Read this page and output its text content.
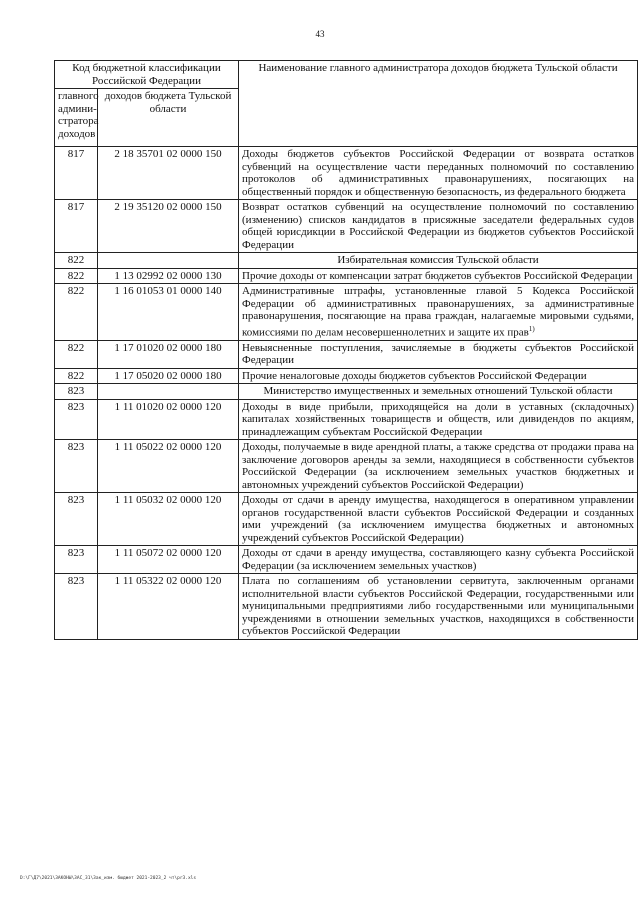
43
Код бюджетной классификации Российской Федерации		Наименование главного администратора доходов бюджета Тульской области
главного админи-стратора доходов	доходов бюджета Тульской области	
817	2 18 35701 02 0000 150	Доходы бюджетов субъектов Российской Федерации от возврата остатков субвенций на осуществление части переданных полномочий по составлению протоколов об административных правонарушениях, посягающих на общественный порядок и общественную безопасность, из федерального бюджета
817	2 19 35120 02 0000 150	Возврат остатков субвенций на осуществление полномочий по составлению (изменению) списков кандидатов в присяжные заседатели федеральных судов общей юрисдикции в Российской Федерации из бюджетов субъектов Российской Федерации
822		Избирательная комиссия Тульской области
822	1 13 02992 02 0000 130	Прочие доходы от компенсации затрат бюджетов субъектов Российской Федерации
822	1 16 01053 01 0000 140	Административные штрафы, установленные главой 5 Кодекса Российской Федерации об административных правонарушениях, за административные правонарушения, посягающие на права граждан, налагаемые мировыми судьями, комиссиями по делам несовершеннолетних и защите их прав$^{1)}$
822	1 17 01020 02 0000 180	Невыясненные поступления, зачисляемые в бюджеты субъектов Российской Федерации
822	1 17 05020 02 0000 180	Прочие неналоговые доходы бюджетов субъектов Российской Федерации
823		Министерство имущественных и земельных отношений Тульской области
823	1 11 01020 02 0000 120	Доходы в виде прибыли, приходящейся на доли в уставных (складочных) капиталах хозяйственных товариществ и обществ, или дивидендов по акциям, принадлежащим субъектам Российской Федерации
823	1 11 05022 02 0000 120	Доходы, получаемые в виде арендной платы, а также средства от продажи права на заключение договоров аренды за земли, находящиеся в собственности субъектов Российской Федерации (за исключением земельных участков бюджетных и автономных учреждений субъектов Российской Федерации)
823	1 11 05032 02 0000 120	Доходы от сдачи в аренду имущества, находящегося в оперативном управлении органов государственной власти субъектов Российской Федерации и созданных ими учреждений (за исключением имущества бюджетных и автономных учреждений субъектов Российской Федерации)
823	1 11 05072 02 0000 120	Доходы от сдачи в аренду имущества, составляющего казну субъекта Российской Федерации (за исключением земельных участков)
823	1 11 05322 02 0000 120	Плата по соглашениям об установлении сервитута, заключенным органами исполнительной власти субъектов Российской Федерации, государственными или муниципальными предприятиями либо государственными или муниципальными учреждениями в отношении земельных участков, находящихся в собственности субъектов Российской Федерации
D:\Г\Д7\2021\ЗАКОНЫ\ЗАС_31\Зак_изм. бюджет 2021-2023_2 чт\pr3.xls
